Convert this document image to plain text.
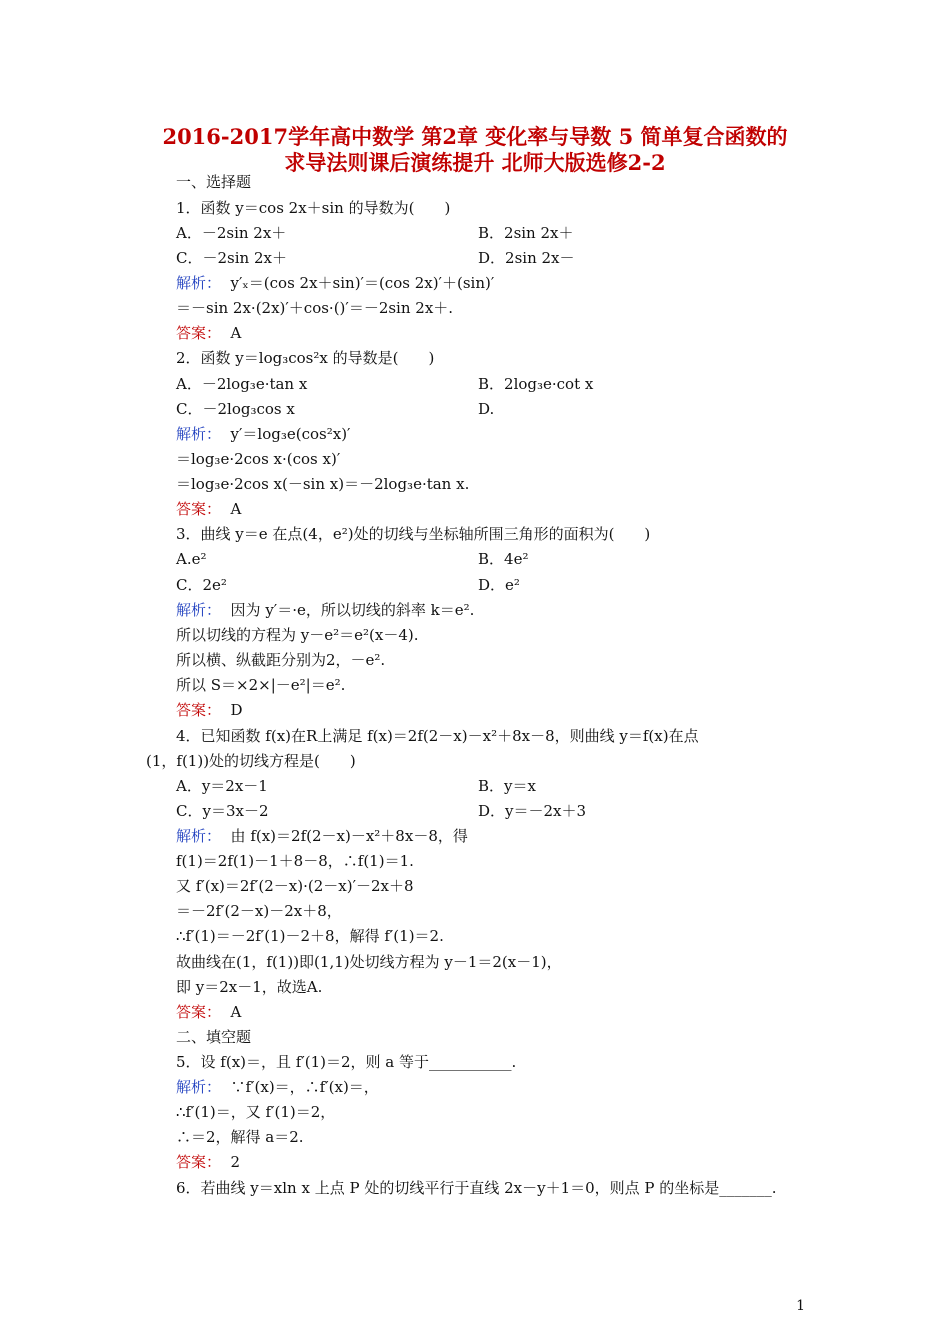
2016-2017学年高中数学 第2章 变化率与导数 5 简单复合函数的
求导法则课后演练提升 北师大版选修2-2
一、选择题
1．函数 y＝cos 2x＋sin 的导数为(　　)
A．－2sin 2x＋	B．2sin 2x＋
C．－2sin 2x＋	D．2sin 2x－
解析：  y′ₓ＝(cos 2x＋sin)′＝(cos 2x)′＋(sin)′
＝－sin 2x·(2x)′＋cos·()′＝－2sin 2x＋.
答案：  A
2．函数 y＝log₃cos²x 的导数是(　　)
A．－2log₃e·tan x	B．2log₃e·cot x
C．－2log₃cos x	D.
解析：  y′＝log₃e(cos²x)′
＝log₃e·2cos x·(cos x)′
＝log₃e·2cos x(－sin x)＝－2log₃e·tan x.
答案：  A
3．曲线 y＝e 在点(4，e²)处的切线与坐标轴所围三角形的面积为(　　)
A.e²	B．4e²
C．2e²	D．e²
解析：  因为 y′＝·e，所以切线的斜率 k＝e².
所以切线的方程为 y－e²＝e²(x－4).
所以横、纵截距分别为2，－e².
所以 S＝×2×|－e²|＝e².
答案：  D
4．已知函数 f(x)在R上满足 f(x)＝2f(2－x)－x²＋8x－8，则曲线 y＝f(x)在点
(1，f(1))处的切线方程是(　　)
A．y＝2x－1	B．y＝x
C．y＝3x－2	D．y＝－2x＋3
解析：  由 f(x)＝2f(2－x)－x²＋8x－8，得
f(1)＝2f(1)－1＋8－8，∴f(1)＝1.
又 f′(x)＝2f′(2－x)·(2－x)′－2x＋8
＝－2f′(2－x)－2x＋8，
∴f′(1)＝－2f′(1)－2＋8，解得 f′(1)＝2.
故曲线在(1，f(1))即(1,1)处切线方程为 y－1＝2(x－1)，
即 y＝2x－1，故选A.
答案：  A
二、填空题
5．设 f(x)＝，且 f′(1)＝2，则 a 等于___________.
解析：  ∵f′(x)＝，∴f′(x)＝，
∴f′(1)＝，又 f′(1)＝2，
∴＝2，解得 a＝2.
答案：  2
6．若曲线 y＝xln x 上点 P 处的切线平行于直线 2x－y＋1＝0，则点 P 的坐标是_______.
1
